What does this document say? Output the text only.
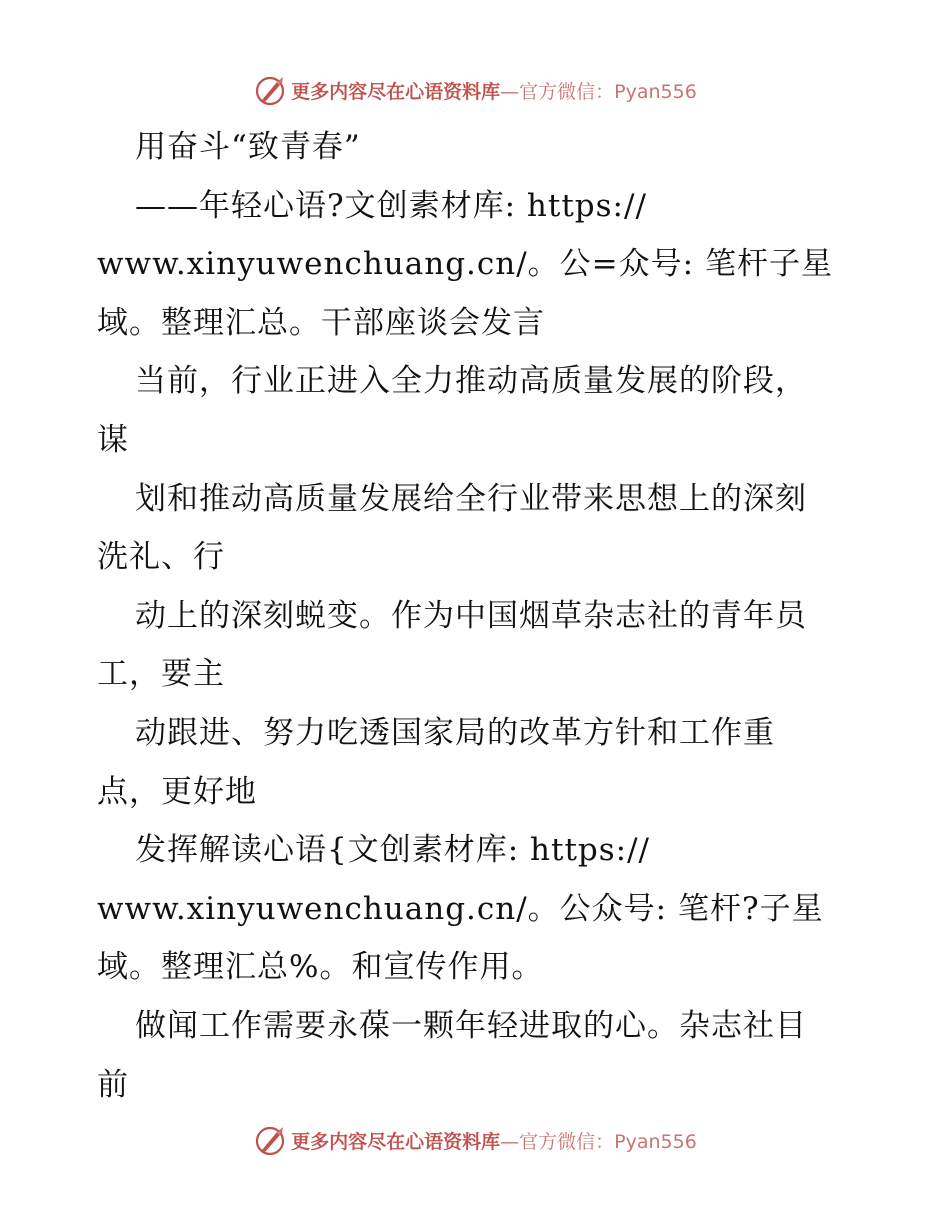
更多内容尽在心语资料库—官方微信：Pyan556
用奋斗“致青春”
——年轻心语?文创素材库: https://
www.xinyuwenchuang.cn/。公=众号: 笔杆子星
域。整理汇总。干部座谈会发言
当前，行业正进入全力推动高质量发展的阶段，
谋
划和推动高质量发展给全行业带来思想上的深刻
洗礼、行
动上的深刻蜕变。作为中国烟草杂志社的青年员
工，要主
动跟进、努力吃透国家局的改革方针和工作重
点，更好地
发挥解读心语{文创素材库: https://
www.xinyuwenchuang.cn/。公众号: 笔杆?子星
域。整理汇总%。和宣传作用。
做闻工作需要永葆一颗年轻进取的心。杂志社目
前
更多内容尽在心语资料库—官方微信：Pyan556
